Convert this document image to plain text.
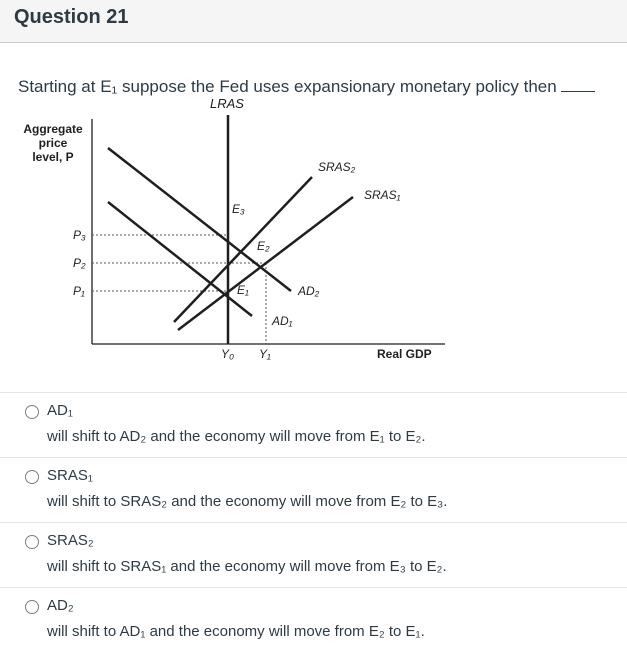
Question 21
Starting at E₁ suppose the Fed uses expansionary monetary policy then
Aggregate
price
level, P
Real GDP
LRAS
SRAS₂
SRAS₁
AD₂
AD₁
P₃
P₂
P₁
Y₀ Y₁
E₃
E₂
E₁
AD₁
will shift to AD₂ and the economy will move from E₁ to E₂.
SRAS₁
will shift to SRAS₂ and the economy will move from E₂ to E₃.
SRAS₂
will shift to SRAS₁ and the economy will move from E₃ to E₂.
AD₂
will shift to AD₁ and the economy will move from E₂ to E₁.
